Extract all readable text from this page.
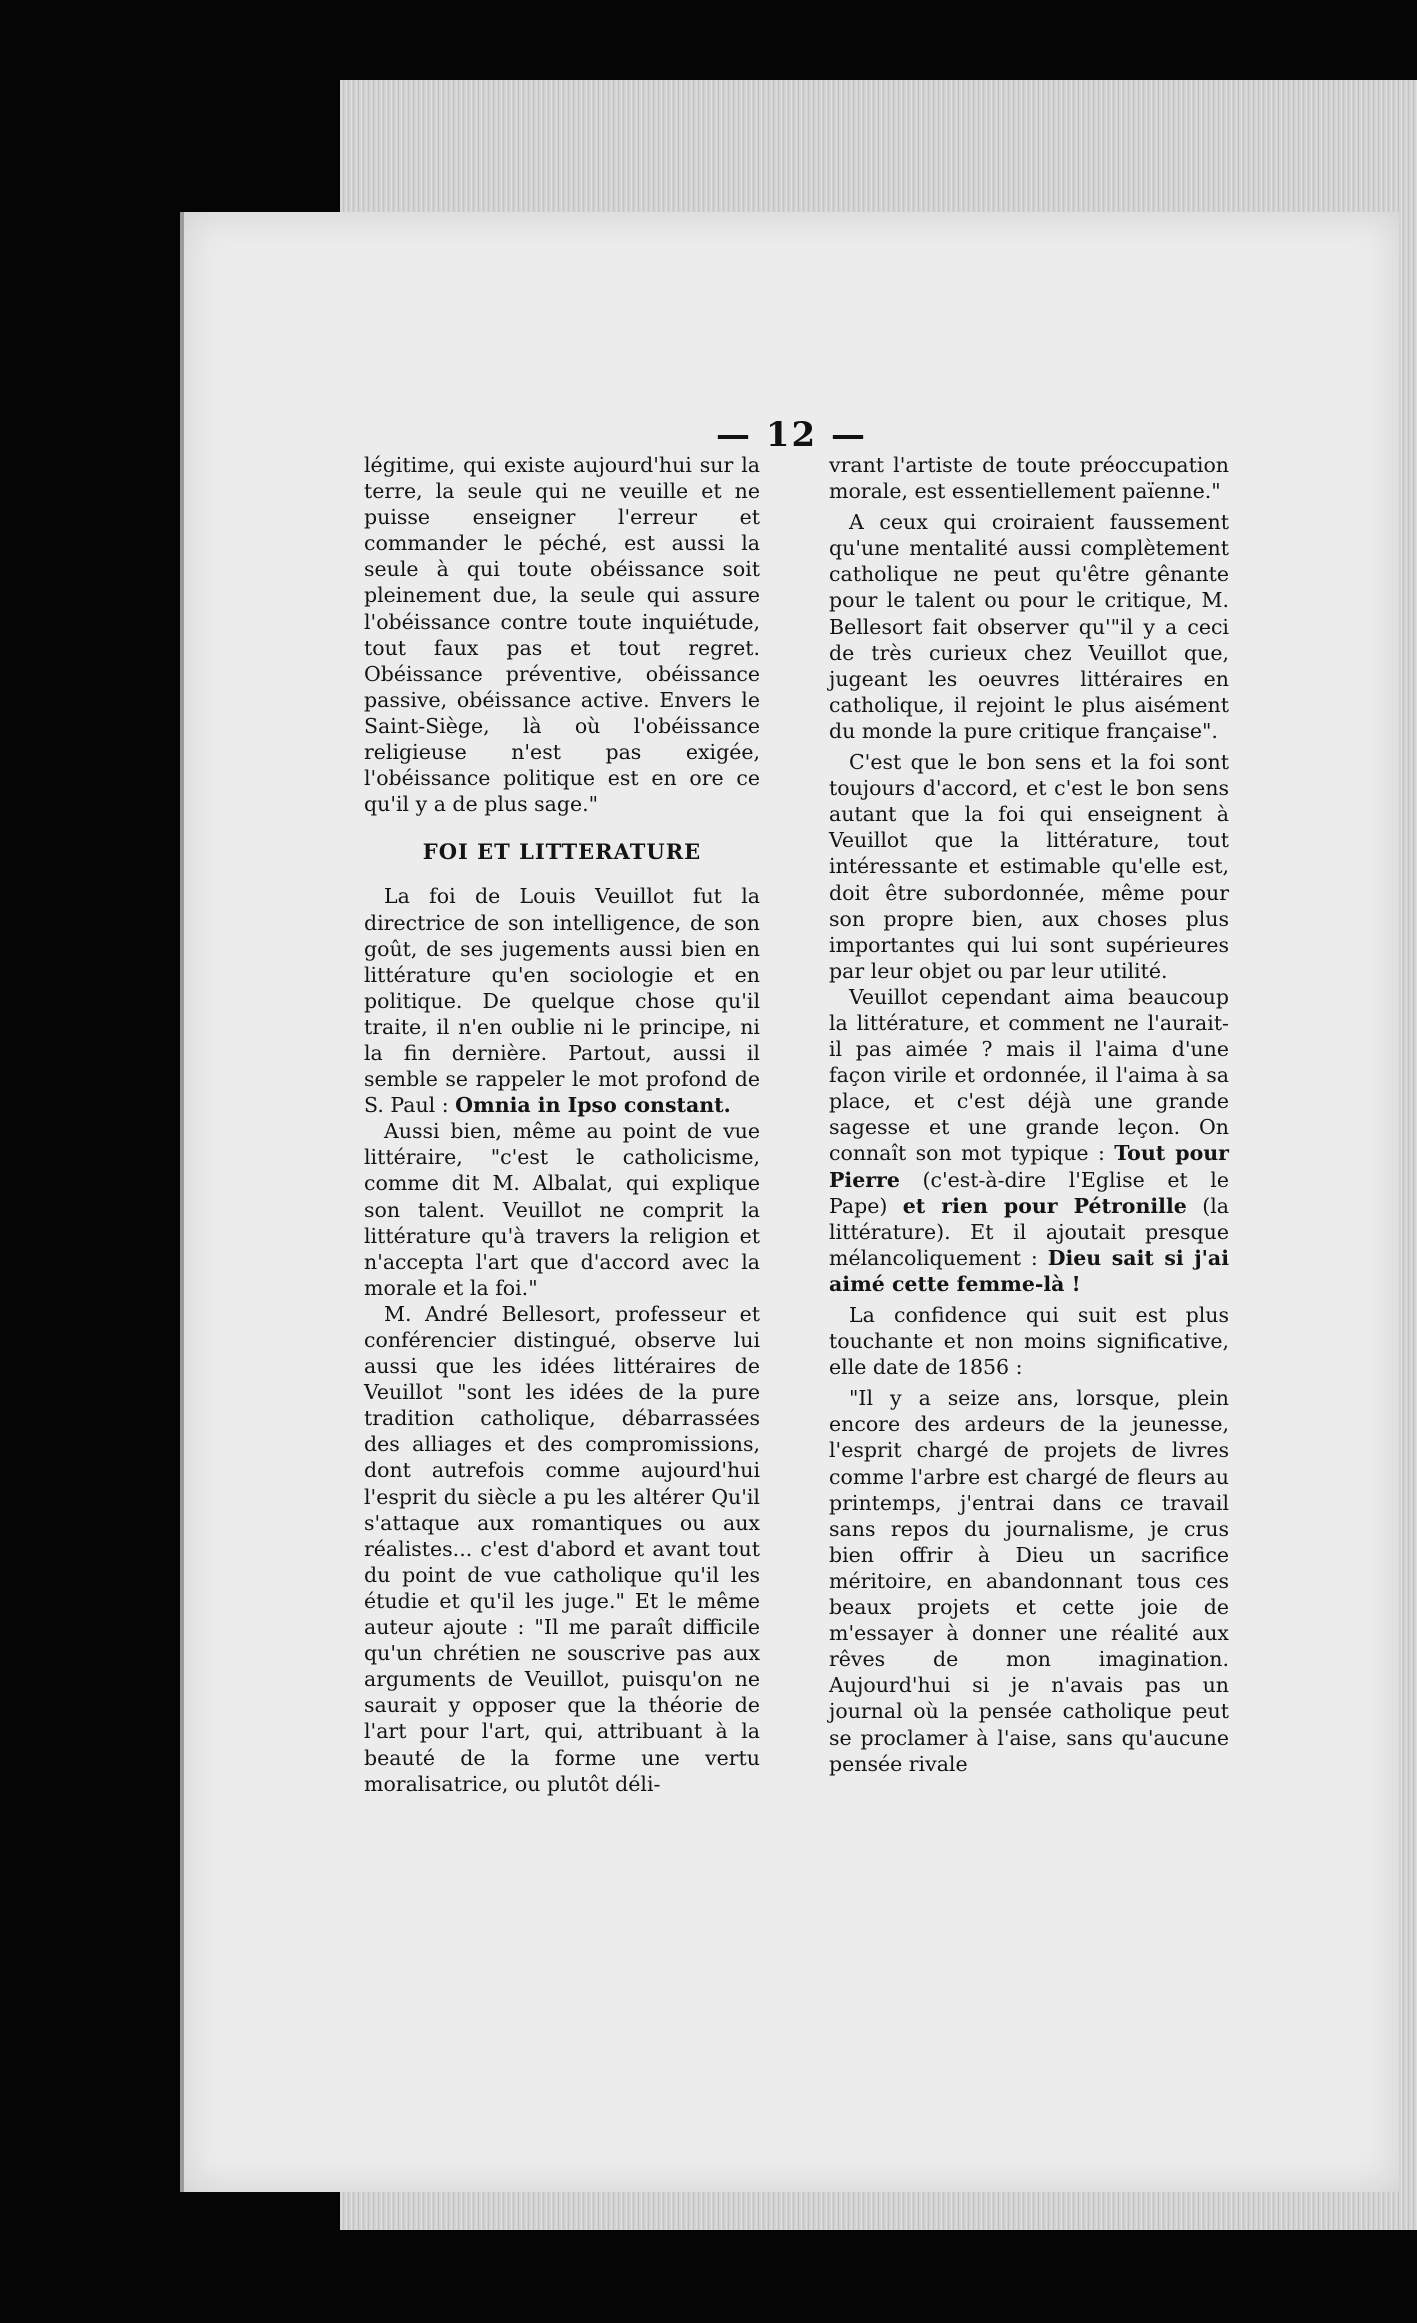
— 12 —

légitime, qui existe aujourd'hui sur la terre, la seule qui ne veuille et ne puisse enseigner l'erreur et commander le péché, est aussi la seule à qui toute obéissance soit pleinement due, la seule qui assure l'obéissance contre toute inquiétude, tout faux pas et tout regret. Obéissance préventive, obéissance passive, obéissance active. Envers le Saint-Siège, là où l'obéissance religieuse n'est pas exigée, l'obéissance politique est en ore ce qu'il y a de plus sage."

FOI ET LITTERATURE

La foi de Louis Veuillot fut la directrice de son intelligence, de son goût, de ses jugements aussi bien en littérature qu'en sociologie et en politique. De quelque chose qu'il traite, il n'en oublie ni le principe, ni la fin dernière. Partout, aussi il semble se rappeler le mot profond de S. Paul : Omnia in Ipso constant.

Aussi bien, même au point de vue littéraire, "c'est le catholicisme, comme dit M. Albalat, qui explique son talent. Veuillot ne comprit la littérature qu'à travers la religion et n'accepta l'art que d'accord avec la morale et la foi."

M. André Bellesort, professeur et conférencier distingué, observe lui aussi que les idées littéraires de Veuillot "sont les idées de la pure tradition catholique, débarrassées des alliages et des compromissions, dont autrefois comme aujourd'hui l'esprit du siècle a pu les altérer Qu'il s'attaque aux romantiques ou aux réalistes... c'est d'abord et avant tout du point de vue catholique qu'il les étudie et qu'il les juge." Et le même auteur ajoute : "Il me paraît difficile qu'un chrétien ne souscrive pas aux arguments de Veuillot, puisqu'on ne saurait y opposer que la théorie de l'art pour l'art, qui, attribuant à la beauté de la forme une vertu moralisatrice, ou plutôt déli-

vrant l'artiste de toute préoccupation morale, est essentiellement païenne."

A ceux qui croiraient faussement qu'une mentalité aussi complètement catholique ne peut qu'être gênante pour le talent ou pour le critique, M. Bellesort fait observer qu'"il y a ceci de très curieux chez Veuillot que, jugeant les oeuvres littéraires en catholique, il rejoint le plus aisément du monde la pure critique française".

C'est que le bon sens et la foi sont toujours d'accord, et c'est le bon sens autant que la foi qui enseignent à Veuillot que la littérature, tout intéressante et estimable qu'elle est, doit être subordonnée, même pour son propre bien, aux choses plus importantes qui lui sont supérieures par leur objet ou par leur utilité.

Veuillot cependant aima beaucoup la littérature, et comment ne l'aurait-il pas aimée ? mais il l'aima d'une façon virile et ordonnée, il l'aima à sa place, et c'est déjà une grande sagesse et une grande leçon. On connaît son mot typique : Tout pour Pierre (c'est-à-dire l'Eglise et le Pape) et rien pour Pétronille (la littérature). Et il ajoutait presque mélancoliquement : Dieu sait si j'ai aimé cette femme-là !

La confidence qui suit est plus touchante et non moins significative, elle date de 1856 :

"Il y a seize ans, lorsque, plein encore des ardeurs de la jeunesse, l'esprit chargé de projets de livres comme l'arbre est chargé de fleurs au printemps, j'entrai dans ce travail sans repos du journalisme, je crus bien offrir à Dieu un sacrifice méritoire, en abandonnant tous ces beaux projets et cette joie de m'essayer à donner une réalité aux rêves de mon imagination. Aujourd'hui si je n'avais pas un journal où la pensée catholique peut se proclamer à l'aise, sans qu'aucune pensée rivale
